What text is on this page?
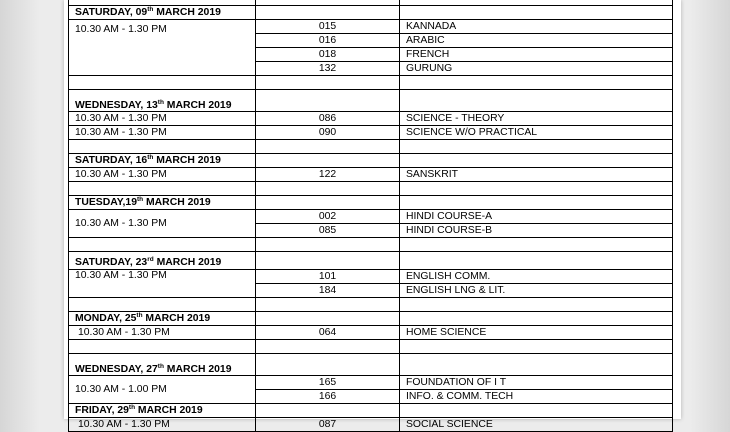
SATURDAY, 09th MARCH 2019		
10.30 AM - 1.30 PM	015	KANNADA
	016	ARABIC
	018	FRENCH
	132	GURUNG

WEDNESDAY, 13th MARCH 2019		
10.30 AM - 1.30 PM	086	SCIENCE - THEORY
10.30 AM - 1.30 PM	090	SCIENCE W/O PRACTICAL

SATURDAY, 16th MARCH 2019		
10.30 AM - 1.30 PM	122	SANSKRIT

TUESDAY,19th MARCH 2019		
10.30 AM - 1.30 PM	002	HINDI COURSE-A
	085	HINDI COURSE-B

SATURDAY, 23rd MARCH 2019		
10.30 AM - 1.30 PM	101	ENGLISH COMM.
	184	ENGLISH LNG & LIT.

MONDAY, 25th MARCH 2019		
10.30 AM - 1.30 PM	064	HOME SCIENCE

WEDNESDAY, 27th MARCH 2019		
10.30 AM - 1.00 PM	165	FOUNDATION OF I T
	166	INFO. & COMM. TECH
FRIDAY, 29th MARCH 2019		
10.30 AM - 1.30 PM	087	SOCIAL SCIENCE
